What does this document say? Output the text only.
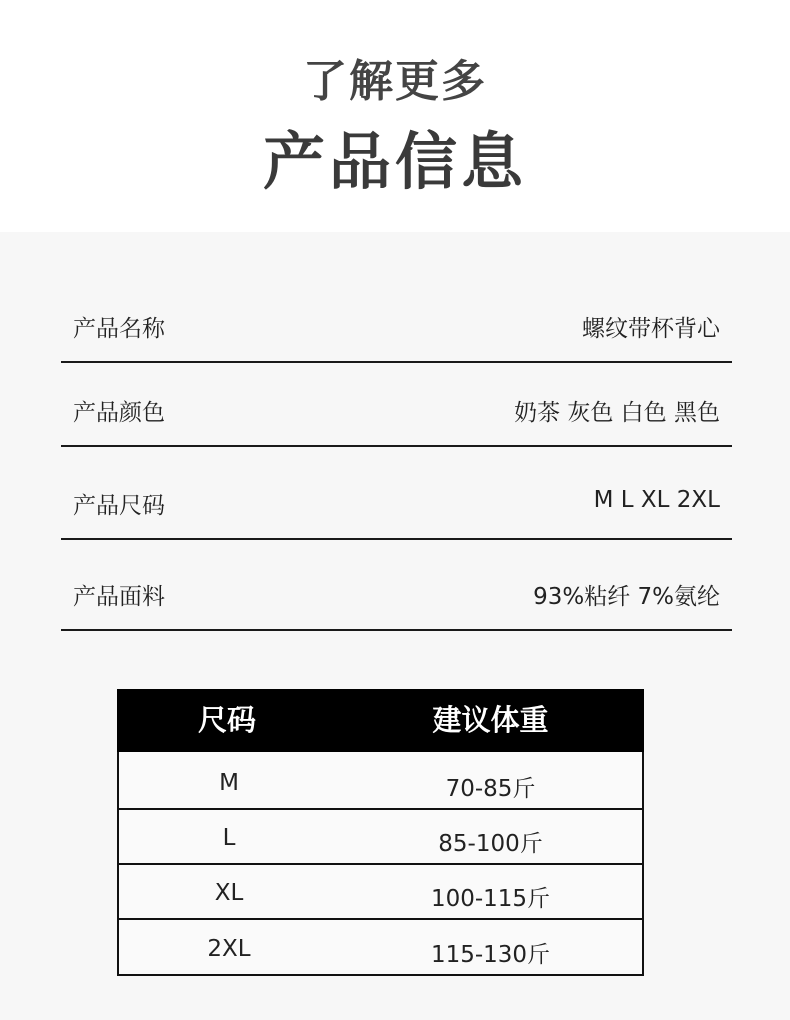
了解更多
产品信息
产品名称	螺纹带杯背心
产品颜色	奶茶 灰色 白色 黑色
产品尺码	M L XL 2XL
产品面料	93%粘纤 7%氨纶
尺码	建议体重
M	70-85斤
L	85-100斤
XL	100-115斤
2XL	115-130斤
